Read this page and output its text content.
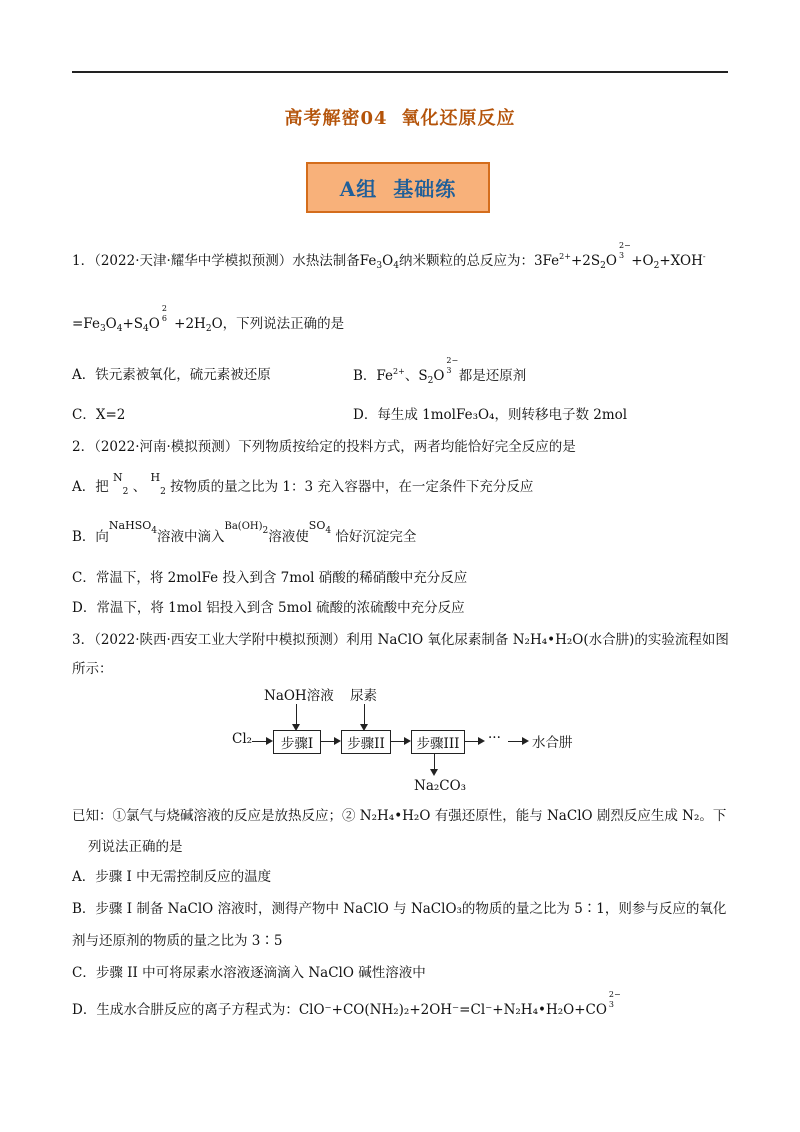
高考解密04 氧化还原反应
A组  基础练
1．（2022·天津·耀华中学模拟预测）水热法制备$Fe_3O_4$纳米颗粒的总反应为：$3Fe^{2+}+2S_2O$
2−
$3 +O_2+XOH^-$
$=Fe_3O_4+S_4O$
2
$6 +2H_2O$，下列说法正确的是
A．铁元素被氧化，硫元素被还原	B．$Fe^{2+}$、$S_2O$
2−
3 都是还原剂
C．X=2	D．每生成 1molFe₃O₄，则转移电子数 2mol
2．（2022·河南·模拟预测）下列物质按给定的投料方式，两者均能恰好完全反应的是
A．把 $^N_2$ 、 $^H_2$ 按物质的量之比为 1：3 充入容器中，在一定条件下充分反应
B．向$^{NaHSO4}$溶液中滴入$^{Ba(OH)2}$溶液使$^{SO4}$ 恰好沉淀完全
C．常温下，将 2molFe 投入到含 7mol 硝酸的稀硝酸中充分反应
D．常温下，将 1mol 铝投入到含 5mol 硫酸的浓硫酸中充分反应
3．（2022·陕西·西安工业大学附中模拟预测）利用 NaClO 氧化尿素制备 N₂H₄•H₂O(水合肼)的实验流程如图
所示：
NaOH溶液 尿素
Cl₂ 步骤I	步骤II 步骤III ··· 水合肼
Na₂CO₃
已知：①氯气与烧碱溶液的反应是放热反应；② N₂H₄•H₂O 有强还原性，能与 NaClO 剧烈反应生成 N₂。下
列说法正确的是
A．步骤 I 中无需控制反应的温度
B．步骤 I 制备 NaClO 溶液时，测得产物中 NaClO 与 NaClO₃的物质的量之比为 5∶1，则参与反应的氧化
剂与还原剂的物质的量之比为 3∶5
C．步骤 II 中可将尿素水溶液逐滴滴入 NaClO 碱性溶液中
D．生成水合肼反应的离子方程式为：ClO⁻+CO(NH₂)₂+2OH⁻=Cl⁻+N₂H₄•H₂O+CO
2−
3
